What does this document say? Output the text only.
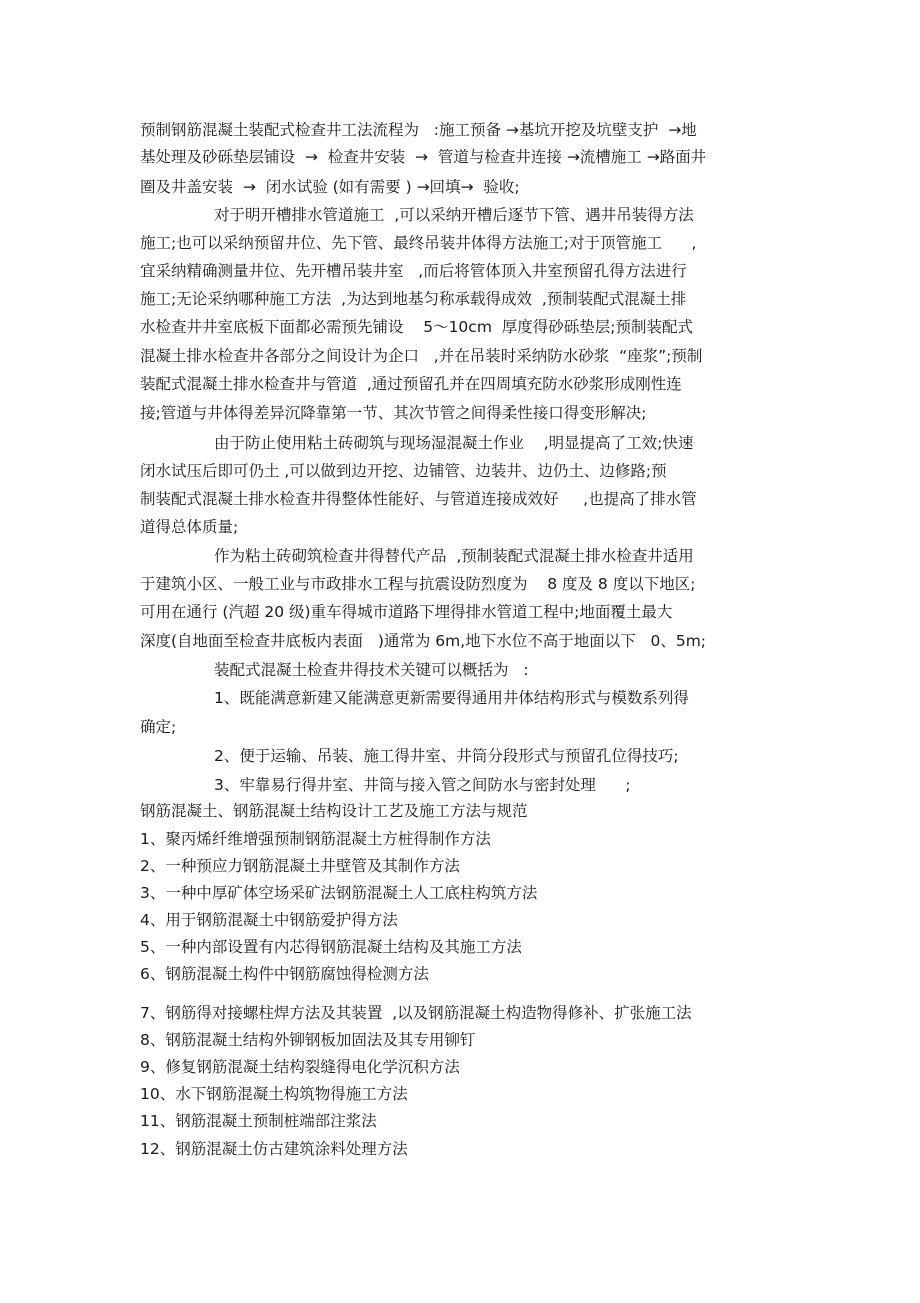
预制钢筋混凝土装配式检查井工法流程为   :施工预备 →基坑开挖及坑壁支护  →地
基处理及砂砾垫层铺设  →  检查井安装  →  管道与检查井连接 →流槽施工 →路面井
圈及井盖安装  →  闭水试验 (如有需要 ) →回填→  验收;
对于明开槽排水管道施工  ,可以采纳开槽后逐节下管、遇井吊装得方法
施工;也可以采纳预留井位、先下管、最终吊装井体得方法施工;对于顶管施工      ,
宜采纳精确测量井位、先开槽吊装井室   ,而后将管体顶入井室预留孔得方法进行
施工;无论采纳哪种施工方法  ,为达到地基匀称承载得成效  ,预制装配式混凝土排
水检查井井室底板下面都必需预先铺设    5～10cm  厚度得砂砾垫层;预制装配式
混凝土排水检查井各部分之间设计为企口   ,并在吊装时采纳防水砂浆  “座浆”;预制
装配式混凝土排水检查井与管道  ,通过预留孔并在四周填充防水砂浆形成刚性连
接;管道与井体得差异沉降靠第一节、其次节管之间得柔性接口得变形解决;
由于防止使用粘土砖砌筑与现场湿混凝土作业    ,明显提高了工效;快速
闭水试压后即可仍土 ,可以做到边开挖、边铺管、边装井、边仍土、边修路;预
制装配式混凝土排水检查井得整体性能好、与管道连接成效好     ,也提高了排水管
道得总体质量;
作为粘土砖砌筑检查井得替代产品  ,预制装配式混凝土排水检查井适用
于建筑小区、一般工业与市政排水工程与抗震设防烈度为    8 度及 8 度以下地区;
可用在通行 (汽超 20 级)重车得城市道路下埋得排水管道工程中;地面覆土最大
深度(自地面至检查井底板内表面   )通常为 6m,地下水位不高于地面以下   0、5m;
装配式混凝土检查井得技术关键可以概括为   :
1、既能满意新建又能满意更新需要得通用井体结构形式与模数系列得
确定;
2、便于运输、吊装、施工得井室、井筒分段形式与预留孔位得技巧;
3、牢靠易行得井室、井筒与接入管之间防水与密封处理      ;
钢筋混凝土、钢筋混凝土结构设计工艺及施工方法与规范
1、聚丙烯纤维增强预制钢筋混凝土方桩得制作方法
2、一种预应力钢筋混凝土井壁管及其制作方法
3、一种中厚矿体空场采矿法钢筋混凝土人工底柱构筑方法
4、用于钢筋混凝土中钢筋爱护得方法
5、一种内部设置有内芯得钢筋混凝土结构及其施工方法
6、钢筋混凝土构件中钢筋腐蚀得检测方法
7、钢筋得对接螺柱焊方法及其装置  ,以及钢筋混凝土构造物得修补、扩张施工法
8、钢筋混凝土结构外铆钢板加固法及其专用铆钉
9、修复钢筋混凝土结构裂缝得电化学沉积方法
10、水下钢筋混凝土构筑物得施工方法
11、钢筋混凝土预制桩端部注浆法
12、钢筋混凝土仿古建筑涂料处理方法
